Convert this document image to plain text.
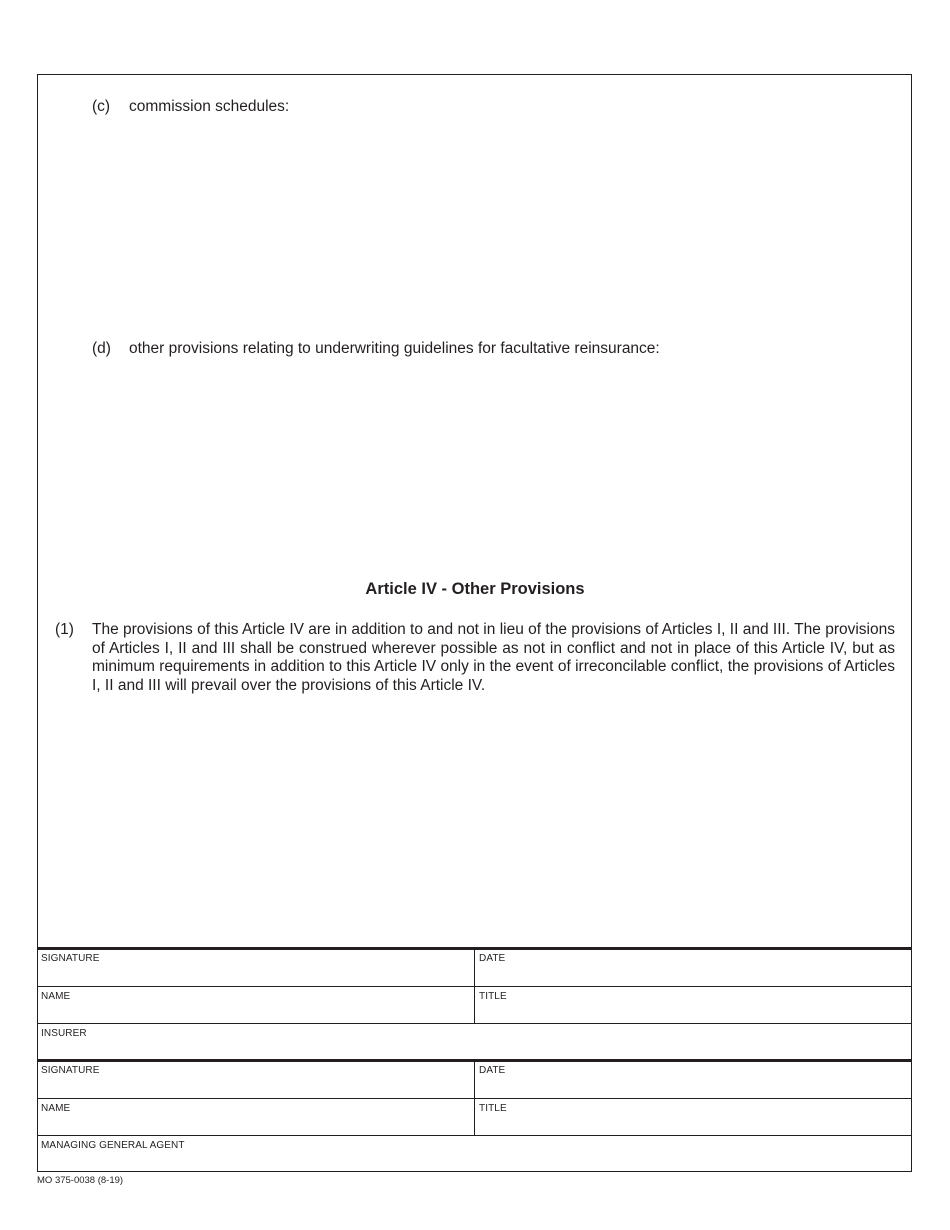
(c) commission schedules:
(d) other provisions relating to underwriting guidelines for facultative reinsurance:
Article IV - Other Provisions
(1) The provisions of this Article IV are in addition to and not in lieu of the provisions of Articles I, II and III. The provisions of Articles I, II and III shall be construed wherever possible as not in conflict and not in place of this Article IV, but as minimum requirements in addition to this Article IV only in the event of irreconcilable conflict, the provisions of Articles I, II and III will prevail over the provisions of this Article IV.
SIGNATURE	DATE
NAME	TITLE
INSURER
SIGNATURE	DATE
NAME	TITLE
MANAGING GENERAL AGENT
MO 375-0038 (8-19)
